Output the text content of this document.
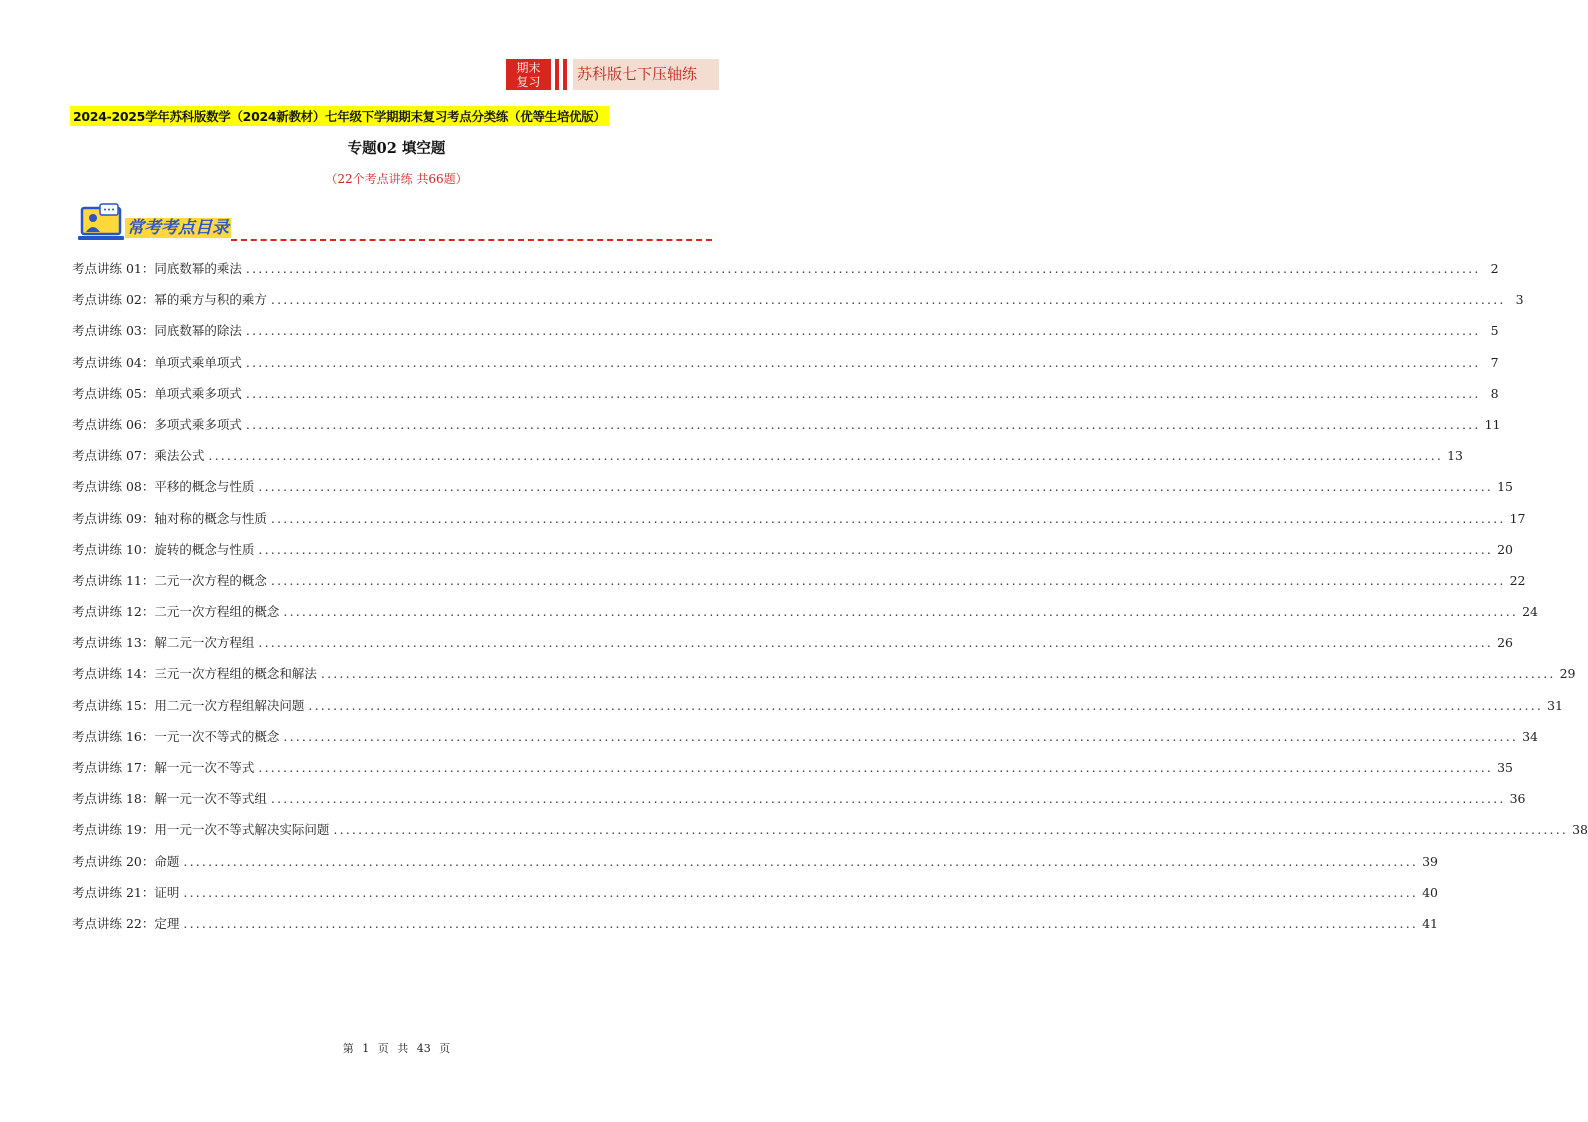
期末
复习	苏科版七下压轴练
2024-2025学年苏科版数学（2024新教材）七年级下学期期末复习考点分类练（优等生培优版）
专题02 填空题
（22个考点讲练 共66题）
常考考点目录
考点讲练 01：同底数幂的乘法 ........................................................................................................................................................................................................ 2
考点讲练 02：幂的乘方与积的乘方 ........................................................................................................................................................................................................ 3
考点讲练 03：同底数幂的除法 ........................................................................................................................................................................................................ 5
考点讲练 04：单项式乘单项式 ........................................................................................................................................................................................................ 7
考点讲练 05：单项式乘多项式 ........................................................................................................................................................................................................ 8
考点讲练 06：多项式乘多项式 ........................................................................................................................................................................................................ 11
考点讲练 07：乘法公式 ........................................................................................................................................................................................................ 13
考点讲练 08：平移的概念与性质 ........................................................................................................................................................................................................ 15
考点讲练 09：轴对称的概念与性质 ........................................................................................................................................................................................................ 17
考点讲练 10：旋转的概念与性质 ........................................................................................................................................................................................................ 20
考点讲练 11：二元一次方程的概念 ........................................................................................................................................................................................................ 22
考点讲练 12：二元一次方程组的概念 ........................................................................................................................................................................................................ 24
考点讲练 13：解二元一次方程组 ........................................................................................................................................................................................................ 26
考点讲练 14：三元一次方程组的概念和解法 ........................................................................................................................................................................................................ 29
考点讲练 15：用二元一次方程组解决问题 ........................................................................................................................................................................................................ 31
考点讲练 16：一元一次不等式的概念 ........................................................................................................................................................................................................ 34
考点讲练 17：解一元一次不等式 ........................................................................................................................................................................................................ 35
考点讲练 18：解一元一次不等式组 ........................................................................................................................................................................................................ 36
考点讲练 19：用一元一次不等式解决实际问题 ........................................................................................................................................................................................................ 38
考点讲练 20：命题 ........................................................................................................................................................................................................ 39
考点讲练 21：证明 ........................................................................................................................................................................................................ 40
考点讲练 22：定理 ........................................................................................................................................................................................................ 41
第 1 页 共 43 页
